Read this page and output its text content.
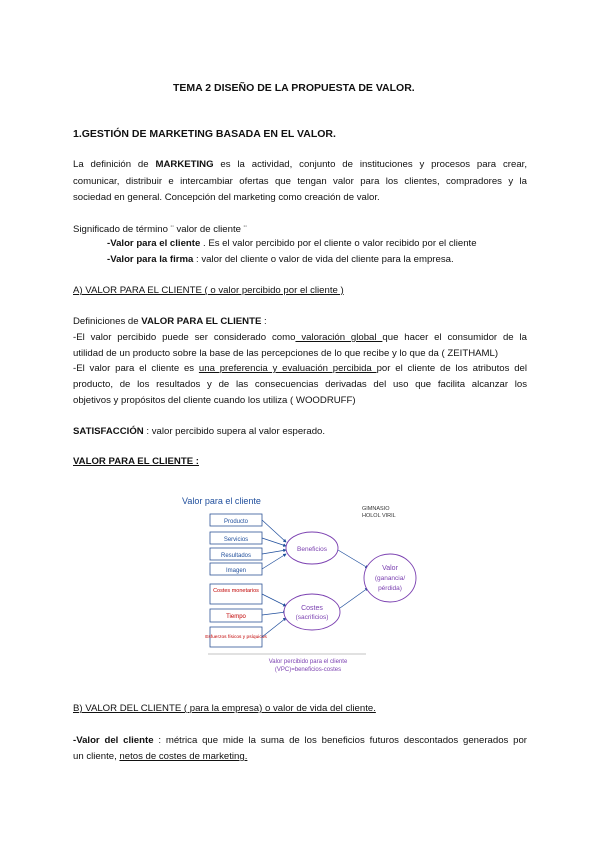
TEMA 2 DISEÑO DE LA PROPUESTA DE VALOR.
1.GESTIÓN DE MARKETING BASADA EN EL VALOR.
La definición de MARKETING es la actividad, conjunto de instituciones y procesos para crear,
comunicar, distribuir e intercambiar ofertas que tengan valor para los clientes, compradores y la
sociedad en general. Concepción del marketing como creación de valor.
Significado de término ¨ valor de cliente ¨
-Valor para el cliente . Es el valor percibido por el cliente o valor recibido por el cliente
-Valor para la firma : valor del cliente o valor de vida del cliente para la empresa.
A) VALOR PARA EL CLIENTE ( o valor percibido por el cliente )
Definiciones de VALOR PARA EL CLIENTE :
-El valor percibido puede ser considerado como valoración global que hacer el consumidor de la
utilidad de un producto sobre la base de las percepciones de lo que recibe y lo que da ( ZEITHAML)
-El valor para el cliente es una preferencia y evaluación percibida por el cliente de los atributos del
producto, de los resultados y de las consecuencias derivadas del uso que facilita alcanzar los
objetivos y propósitos del cliente cuando los utiliza ( WOODRUFF)
SATISFACCIÓN : valor percibido supera al valor esperado.
VALOR PARA EL CLIENTE :
Valor para el cliente
GIMNASIO
HOLOL VIRIL
Producto
Servicios
Resultados
Imagen
Costes monetarios
Tiempo
Esfuerzos físicos y psíquicos
Beneficios
Costes
(sacrificios)
Valor
(ganancia/
pérdida)
Valor percibido para el cliente
(VPC)=beneficios-costes
B) VALOR DEL CLIENTE ( para la empresa) o valor de vida del cliente.
-Valor del cliente : métrica que mide la suma de los beneficios futuros descontados generados por
un cliente, netos de costes de marketing.
